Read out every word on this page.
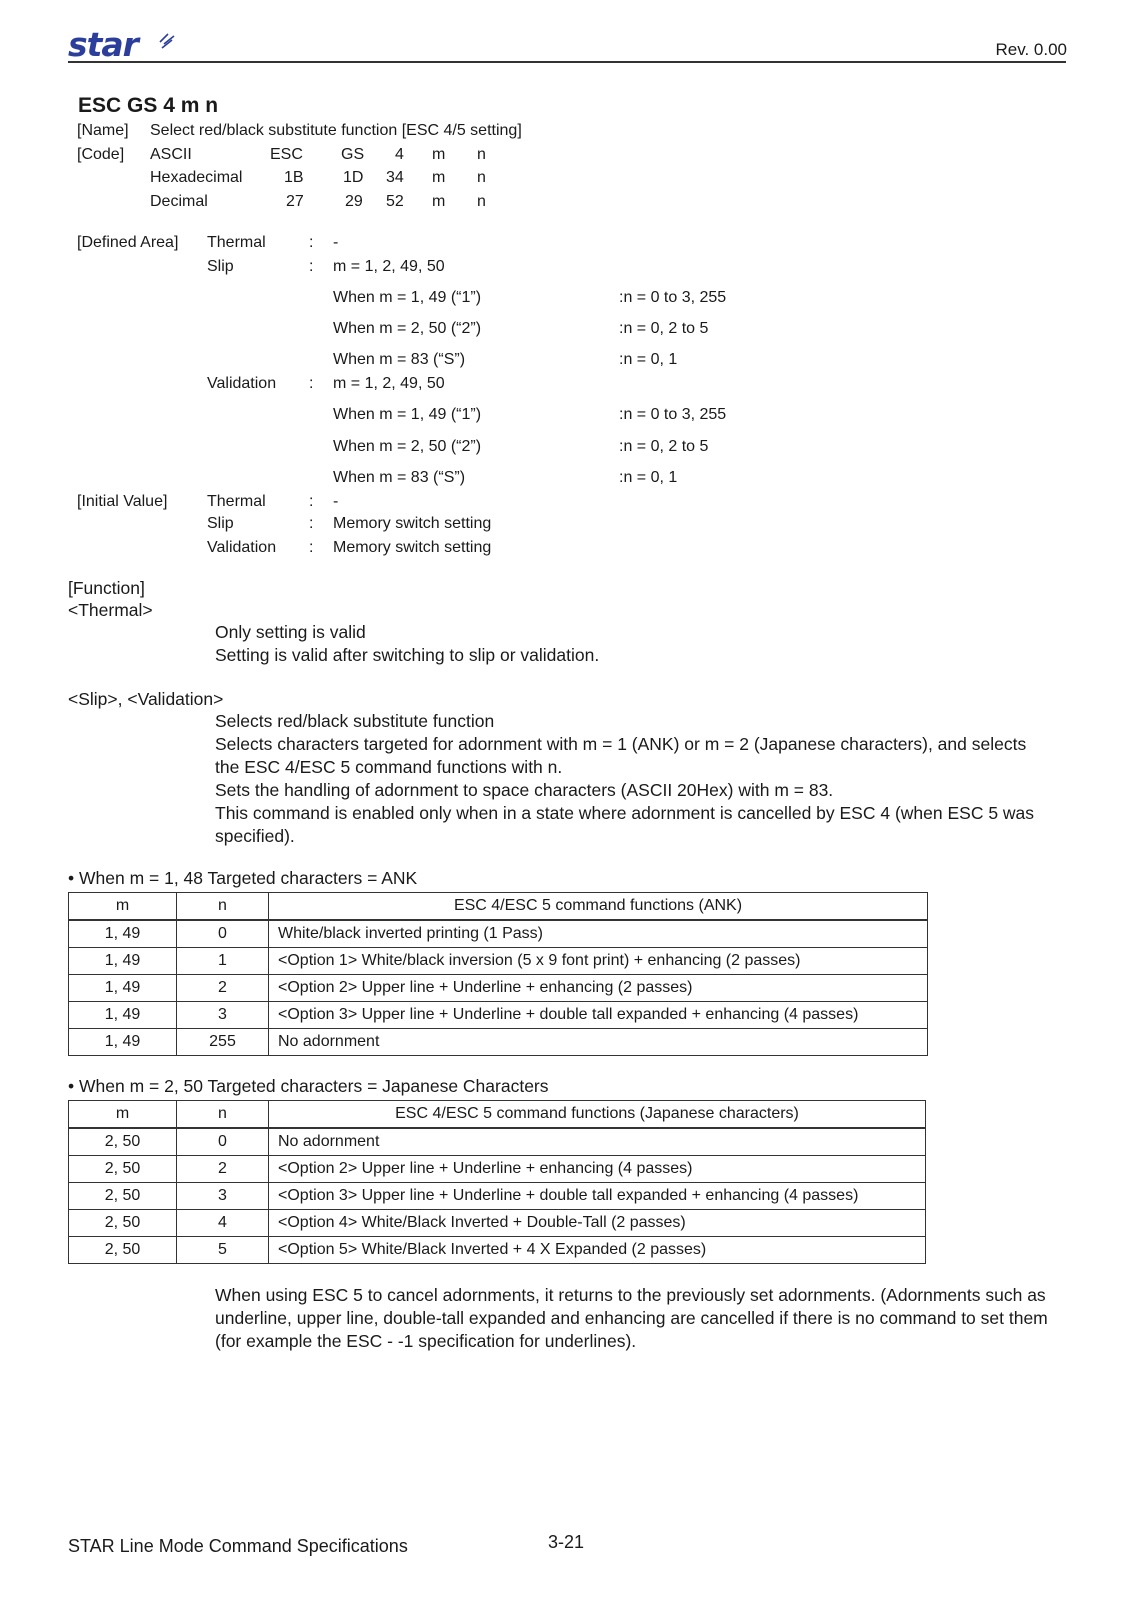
star	Rev. 0.00
ESC GS 4 m n
[Name] Select red/black substitute function [ESC 4/5 setting]
[Code] ASCII	ESC GS 4 m n
Hexadecimal	1B 1D 34 m n
Decimal	27	29 52 m n
[Defined Area] Thermal	: -
Slip	: m = 1, 2, 49, 50
When m = 1, 49 (“1”)	:n = 0 to 3, 255
When m = 2, 50 (“2”)	:n = 0, 2 to 5
When m = 83 (“S”)	:n = 0, 1
Validation : m = 1, 2, 49, 50
When m = 1, 49 (“1”)	:n = 0 to 3, 255
When m = 2, 50 (“2”)	:n = 0, 2 to 5
When m = 83 (“S”)	:n = 0, 1
[Initial Value] Thermal	: -
Slip	: Memory switch setting
Validation : Memory switch setting
[Function]
<Thermal>
Only setting is valid
Setting is valid after switching to slip or validation.
<Slip>, <Validation>
Selects red/black substitute function
Selects characters targeted for adornment with m = 1 (ANK) or m = 2 (Japanese characters), and selects the ESC 4/ESC 5 command functions with n.
Sets the handling of adornment to space characters (ASCII 20Hex) with m = 83.
This command is enabled only when in a state where adornment is cancelled by ESC 4 (when ESC 5 was specified).
• When m = 1, 48 Targeted characters = ANK
m	n	ESC 4/ESC 5 command functions (ANK)
1, 49	0	White/black inverted printing (1 Pass)
1, 49	1	<Option 1> White/black inversion (5 x 9 font print) + enhancing (2 passes)
1, 49	2	<Option 2> Upper line + Underline + enhancing (2 passes)
1, 49	3	<Option 3> Upper line + Underline + double tall expanded + enhancing (4 passes)
1, 49	255	No adornment
• When m = 2, 50 Targeted characters = Japanese Characters
m	n	ESC 4/ESC 5 command functions (Japanese characters)
2, 50	0	No adornment
2, 50	2	<Option 2> Upper line + Underline + enhancing (4 passes)
2, 50	3	<Option 3> Upper line + Underline + double tall expanded + enhancing (4 passes)
2, 50	4	<Option 4> White/Black Inverted + Double-Tall (2 passes)
2, 50	5	<Option 5> White/Black Inverted + 4 X Expanded (2 passes)
When using ESC 5 to cancel adornments, it returns to the previously set adornments. (Adornments such as underline, upper line, double-tall expanded and enhancing are cancelled if there is no command to set them (for example the ESC - -1 specification for underlines).
STAR Line Mode Command Specifications	3-21
